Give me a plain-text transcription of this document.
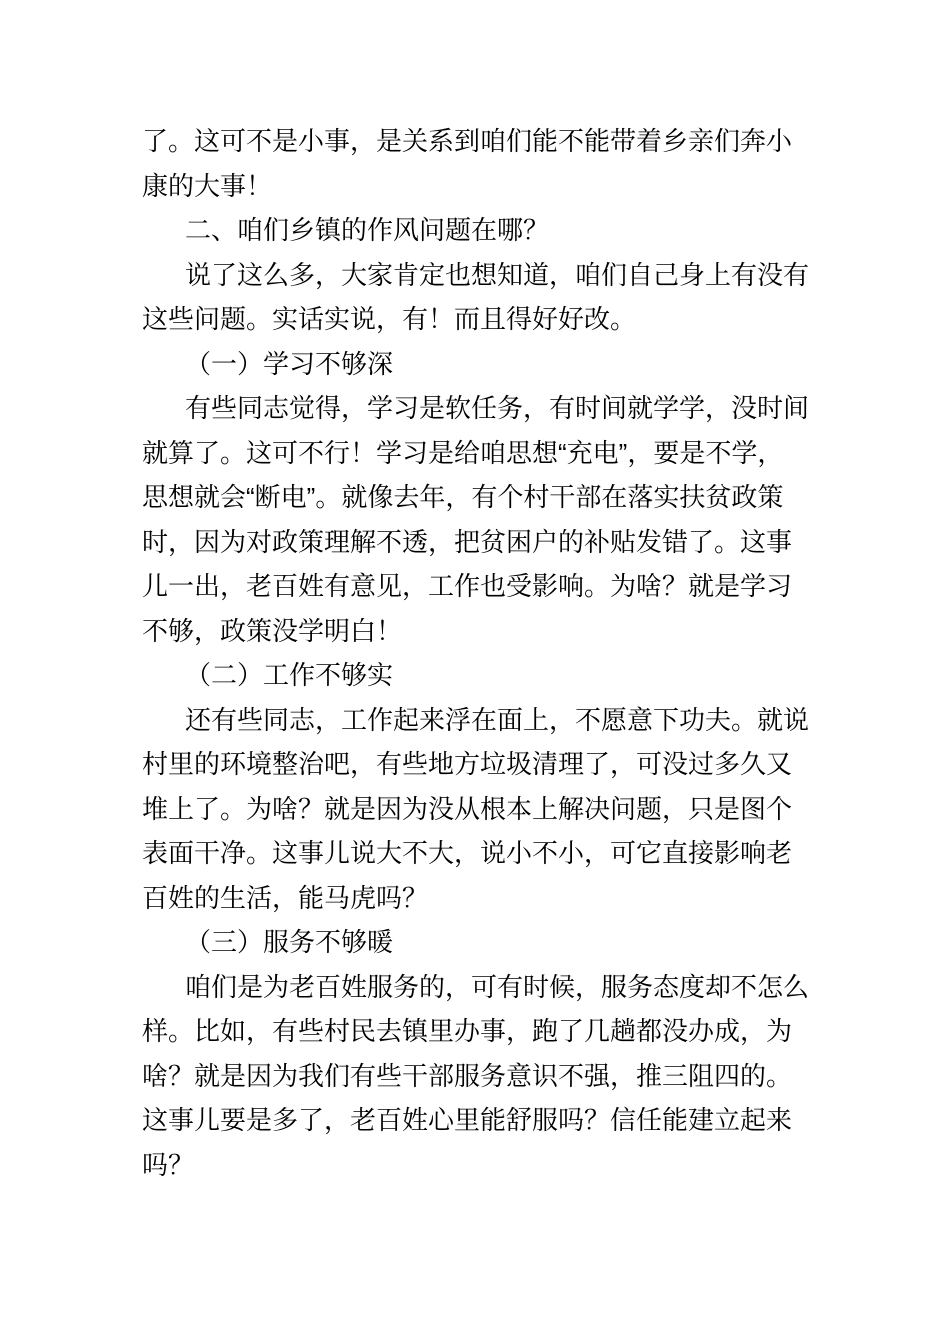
了。这可不是小事，是关系到咱们能不能带着乡亲们奔小
康的大事！
二、咱们乡镇的作风问题在哪？
说了这么多，大家肯定也想知道，咱们自己身上有没有
这些问题。实话实说，有！而且得好好改。
（一）学习不够深
有些同志觉得，学习是软任务，有时间就学学，没时间
就算了。这可不行！学习是给咱思想“充电”，要是不学，
思想就会“断电”。就像去年，有个村干部在落实扶贫政策
时，因为对政策理解不透，把贫困户的补贴发错了。这事
儿一出，老百姓有意见，工作也受影响。为啥？就是学习
不够，政策没学明白！
（二）工作不够实
还有些同志，工作起来浮在面上，不愿意下功夫。就说
村里的环境整治吧，有些地方垃圾清理了，可没过多久又
堆上了。为啥？就是因为没从根本上解决问题，只是图个
表面干净。这事儿说大不大，说小不小，可它直接影响老
百姓的生活，能马虎吗？
（三）服务不够暖
咱们是为老百姓服务的，可有时候，服务态度却不怎么
样。比如，有些村民去镇里办事，跑了几趟都没办成，为
啥？就是因为我们有些干部服务意识不强，推三阻四的。
这事儿要是多了，老百姓心里能舒服吗？信任能建立起来
吗？
